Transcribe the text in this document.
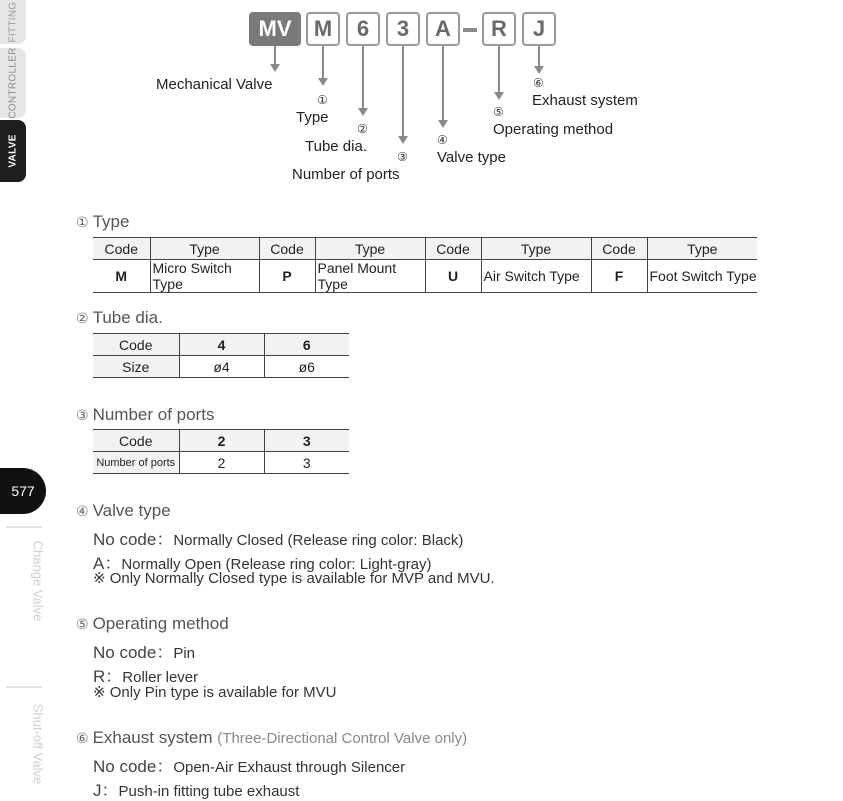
FITTING
CONTROLLER
VALVE
577
Change Valve
Shut-off Valve
MV	M	6	3	A	R	J
Mechanical Valve
①
Type
②
Tube dia.
③
Number of ports
④
Valve type
⑤
Operating method
⑥
Exhaust system
① Type
Code	Type	Code	Type	Code	Type	Code	Type
M	Micro Switch Type	P	Panel Mount Type	U	Air Switch Type	F	Foot Switch Type
② Tube dia.
Code	4	6
Size	ø4	ø6
③ Number of ports
Code	2	3
Number of ports	2	3
④ Valve type
No code：Normally Closed (Release ring color: Black)
A：Normally Open (Release ring color: Light-gray)
※ Only Normally Closed type is available for MVP and MVU.
⑤ Operating method
No code：Pin
R：Roller lever
※ Only Pin type is available for MVU
⑥ Exhaust system (Three-Directional Control Valve only)
No code：Open-Air Exhaust through Silencer
J：Push-in fitting tube exhaust
